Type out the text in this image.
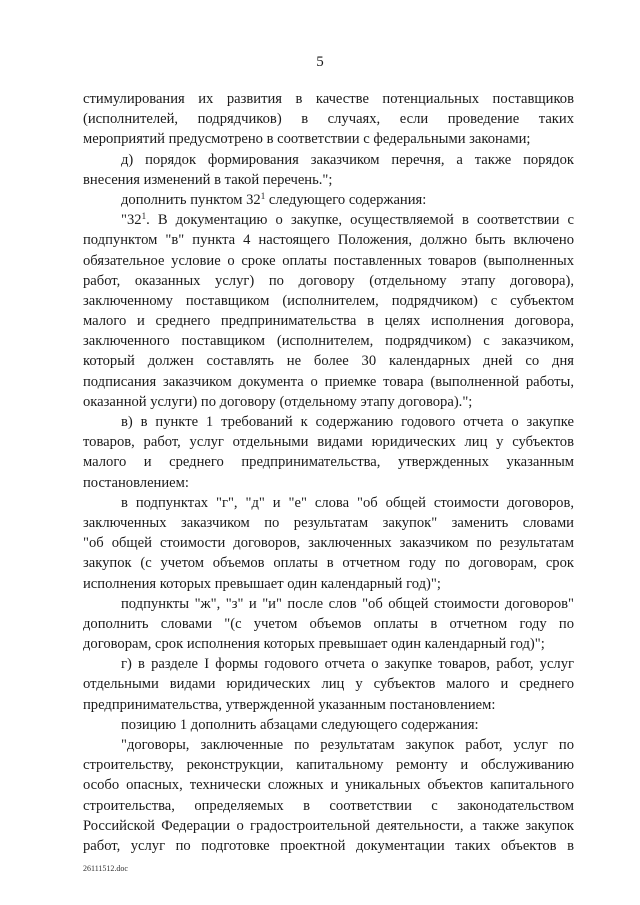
5
стимулирования их развития в качестве потенциальных поставщиков
(исполнителей, подрядчиков) в случаях, если проведение таких
мероприятий предусмотрено в соответствии с федеральными законами;
д) порядок формирования заказчиком перечня, а также порядок
внесения изменений в такой перечень.";
дополнить пунктом $32^1$ следующего содержания:
"$32^1$. В документацию о закупке, осуществляемой в соответствии с
подпунктом "в" пункта 4 настоящего Положения, должно быть включено
обязательное условие о сроке оплаты поставленных товаров (выполненных
работ, оказанных услуг) по договору (отдельному этапу договора),
заключенному поставщиком (исполнителем, подрядчиком) с субъектом
малого и среднего предпринимательства в целях исполнения договора,
заключенного поставщиком (исполнителем, подрядчиком) с заказчиком,
который должен составлять не более 30 календарных дней со дня
подписания заказчиком документа о приемке товара (выполненной работы,
оказанной услуги) по договору (отдельному этапу договора).";
в) в пункте 1 требований к содержанию годового отчета о закупке
товаров, работ, услуг отдельными видами юридических лиц у субъектов
малого и среднего предпринимательства, утвержденных указанным
постановлением:
в подпунктах "г", "д" и "е" слова "об общей стоимости договоров,
заключенных заказчиком по результатам закупок" заменить словами
"об общей стоимости договоров, заключенных заказчиком по результатам
закупок (с учетом объемов оплаты в отчетном году по договорам, срок
исполнения которых превышает один календарный год)";
подпункты "ж", "з" и "и" после слов "об общей стоимости договоров"
дополнить словами "(с учетом объемов оплаты в отчетном году по
договорам, срок исполнения которых превышает один календарный год)";
г) в разделе I формы годового отчета о закупке товаров, работ, услуг
отдельными видами юридических лиц у субъектов малого и среднего
предпринимательства, утвержденной указанным постановлением:
позицию 1 дополнить абзацами следующего содержания:
"договоры, заключенные по результатам закупок работ, услуг по
строительству, реконструкции, капитальному ремонту и обслуживанию
особо опасных, технически сложных и уникальных объектов капитального
строительства, определяемых в соответствии с законодательством
Российской Федерации о градостроительной деятельности, а также закупок
работ, услуг по подготовке проектной документации таких объектов в
26111512.doc
